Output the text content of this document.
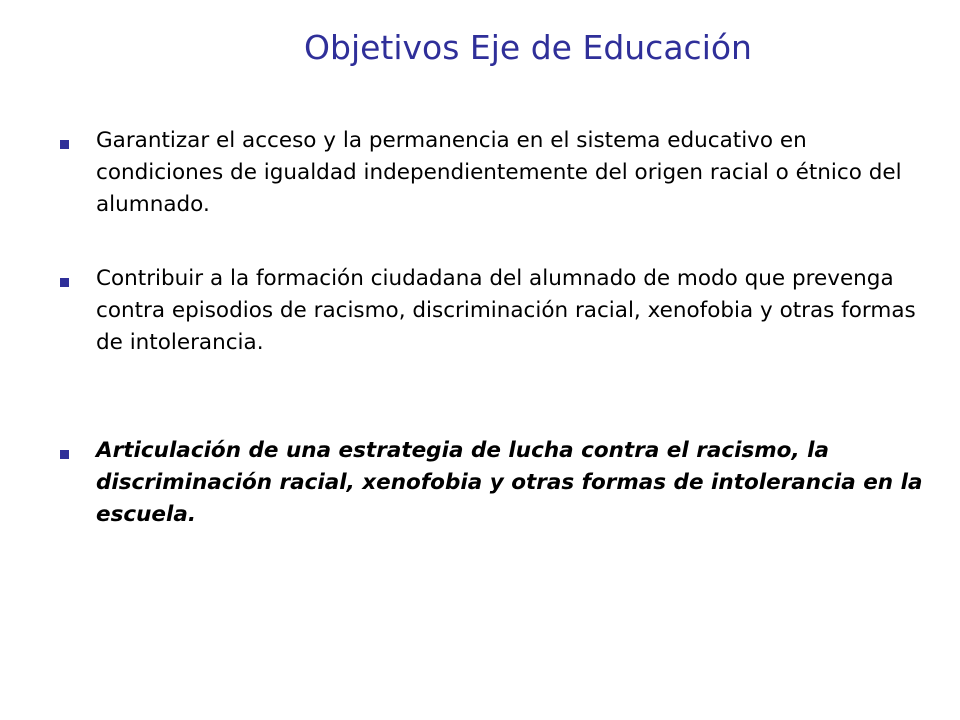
Objetivos Eje de Educación

Garantizar el acceso y la permanencia en el sistema educativo en condiciones de igualdad independientemente del origen racial o étnico del alumnado.

Contribuir a la formación ciudadana del alumnado de modo que prevenga contra episodios de racismo, discriminación racial, xenofobia y otras formas de intolerancia.

Articulación de una estrategia de lucha contra el racismo, la discriminación racial, xenofobia y otras formas de intolerancia en la escuela.
